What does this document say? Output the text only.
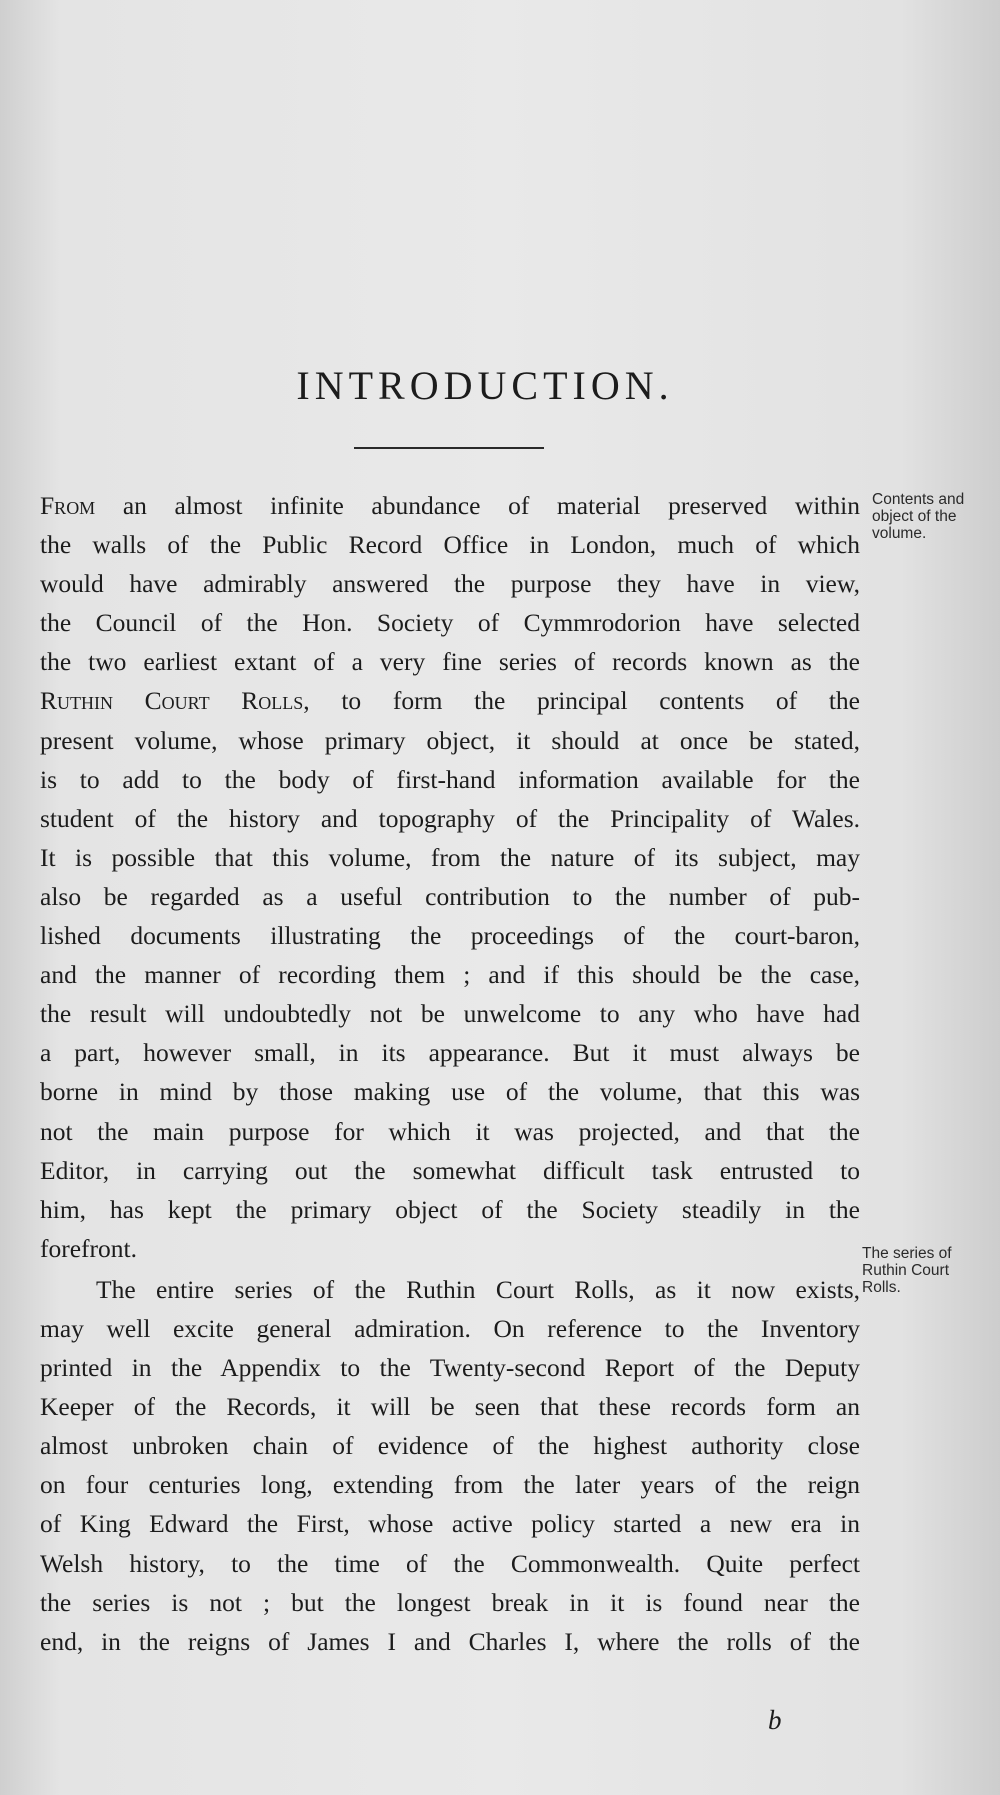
INTRODUCTION.
Contents and object of the volume.
The series of Ruthin Court Rolls.
From an almost infinite abundance of material preserved within
the walls of the Public Record Office in London, much of which
would have admirably answered the purpose they have in view,
the Council of the Hon. Society of Cymmrodorion have selected
the two earliest extant of a very fine series of records known as the
Ruthin Court Rolls, to form the principal contents of the
present volume, whose primary object, it should at once be stated,
is to add to the body of first-hand information available for the
student of the history and topography of the Principality of Wales.
It is possible that this volume, from the nature of its subject, may
also be regarded as a useful contribution to the number of pub-
lished documents illustrating the proceedings of the court-baron,
and the manner of recording them ; and if this should be the case,
the result will undoubtedly not be unwelcome to any who have had
a part, however small, in its appearance. But it must always be
borne in mind by those making use of the volume, that this was
not the main purpose for which it was projected, and that the
Editor, in carrying out the somewhat difficult task entrusted to
him, has kept the primary object of the Society steadily in the
forefront.
The entire series of the Ruthin Court Rolls, as it now exists,
may well excite general admiration. On reference to the Inventory
printed in the Appendix to the Twenty-second Report of the Deputy
Keeper of the Records, it will be seen that these records form an
almost unbroken chain of evidence of the highest authority close
on four centuries long, extending from the later years of the reign
of King Edward the First, whose active policy started a new era in
Welsh history, to the time of the Commonwealth. Quite perfect
the series is not ; but the longest break in it is found near the
end, in the reigns of James I and Charles I, where the rolls of the
b
